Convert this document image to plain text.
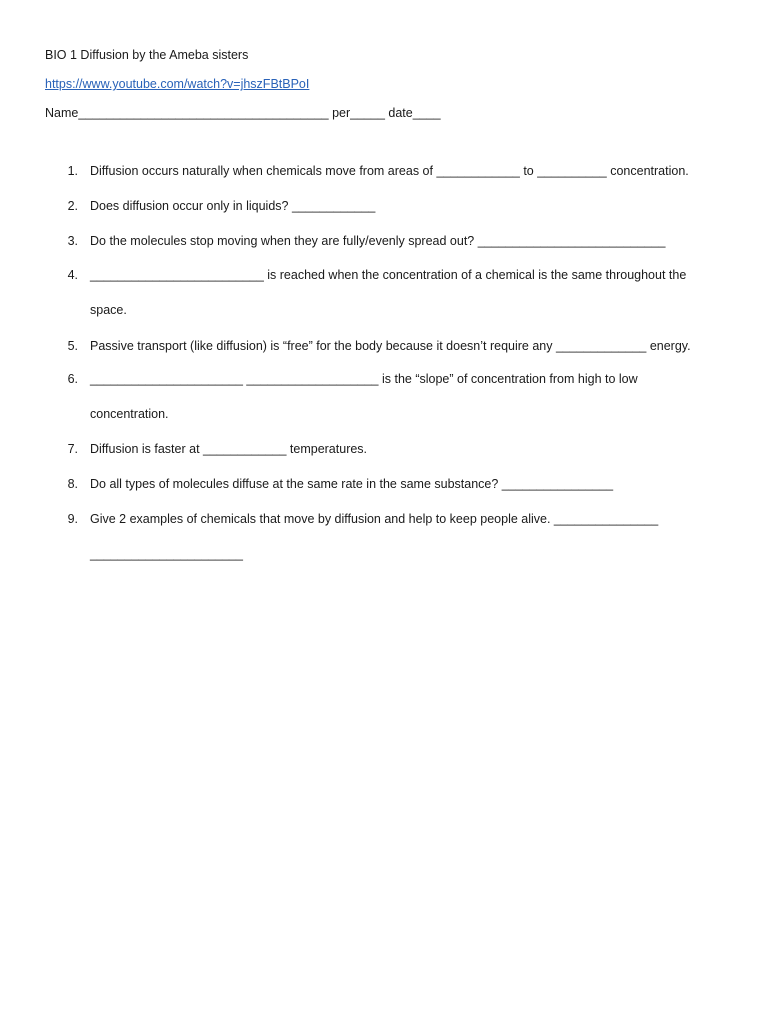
BIO 1 Diffusion by the Ameba sisters
https://www.youtube.com/watch?v=jhszFBtBPoI
Name____________________________________ per_____ date____
1. Diffusion occurs naturally when chemicals move from areas of ____________ to __________ concentration.
2. Does diffusion occur only in liquids? ____________
3. Do the molecules stop moving when they are fully/evenly spread out? ___________________________
4. _________________________ is reached when the concentration of a chemical is the same throughout the
space.
5. Passive transport (like diffusion) is “free” for the body because it doesn’t require any _____________ energy.
6. ______________________ ___________________ is the “slope” of concentration from high to low
concentration.
7. Diffusion is faster at ____________ temperatures.
8. Do all types of molecules diffuse at the same rate in the same substance? ________________
9. Give 2 examples of chemicals that move by diffusion and help to keep people alive. _______________
______________________
